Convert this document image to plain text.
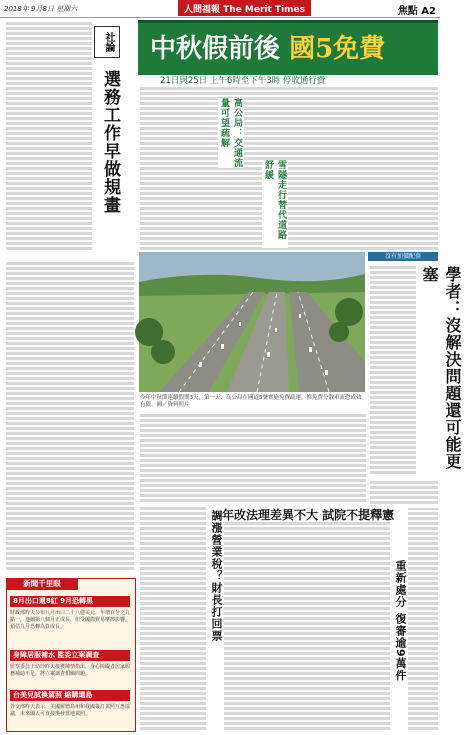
2018年 9月8日 星期六	人間福報 The Merit Times	焦點 A2
社論
選務工作早做規畫
中秋假前後 國5免費
21日與25日 上午6時至下午3時 停收通行費
高公局：交通流量可望疏解
雪隧走行替代道路舒緩
今年中秋節連續假期3天，第一天、高公局在國道5號實施免費疏運，惟免費分散車流恐成效有限。圖／資料照片
沒有加價配套
學者：沒解決問題還可能更塞
年改法理差異不大 試院不提釋憲
調漲營業稅？財長打回票	重新處分 復審逾9萬件
新聞千里眼
8月出口遞8紅 9月恐轉黑
財政部昨天公布八月出口二十八億美元，年增百分之九點一，連續第八個月正成長，但受國際貿易摩擦影響，預估九月恐轉為負成長。
身障居服補水 監委立案調查
監察委員王幼玲昨天接獲陳情指出，身心障礙者居家服務補助不足，將立案調查相關問題。
台美兒試換駕照 縮購還島
外交部昨天表示，美國羅德島州和我國簽訂駕照互惠協議，未來國人可直接換發當地駕照。
